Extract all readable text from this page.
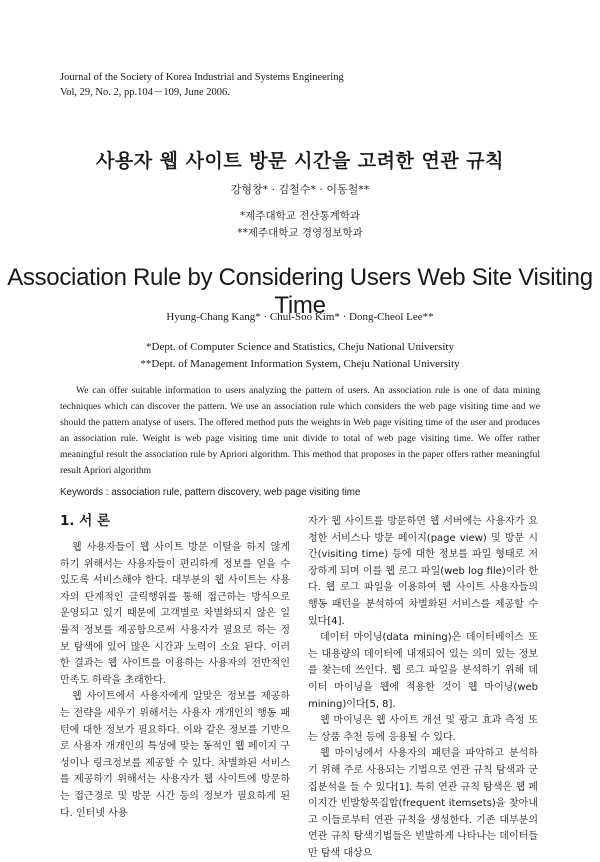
Journal of the Society of Korea Industrial and Systems Engineering
Vol, 29, No. 2, pp.104－109, June 2006.
사용자 웹 사이트 방문 시간을 고려한 연관 규칙
강형창* · 김철수* · 이동철**
*제주대학교 전산통계학과
**제주대학교 경영정보학과
Association Rule by Considering Users Web Site Visiting Time
Hyung-Chang Kang* · Chul-Soo Kim* · Dong-Cheol Lee**
*Dept. of Computer Science and Statistics, Cheju National University
**Dept. of Management Information System, Cheju National University
We can offer suitable information to users analyzing the pattern of users. An association rule is one of data mining techniques which can discover the pattern. We use an association rule which considers the web page visiting time and we should the pattern analyse of users. The offered method puts the weights in Web page visiting time of the user and produces an association rule. Weight is web page visiting time unit divide to total of web page visiting time. We offer rather meaningful result the association rule by Apriori algorithm. This method that proposes in the paper offers rather meaningful result Apriori algorithm
Keywords : association rule, pattern discovery, web page visiting time
1. 서 론

웹 사용자들이 웹 사이트 방문 이탈을 하지 않게 하기 위해서는 사용자들이 편리하게 정보를 얻을 수 있도록 서비스해야 한다. 대부분의 웹 사이트는 사용자의 단계적인 클릭행위를 통해 접근하는 방식으로 운영되고 있기 때문에 고객별로 차별화되지 않은 일률적 정보를 제공함으로써 사용자가 필요로 하는 정보 탐색에 있어 많은 시간과 노력이 소요 된다. 이러한 결과는 웹 사이트를 이용하는 사용자의 전반적인 만족도 하락을 초래한다.

웹 사이트에서 사용자에게 알맞은 정보를 제공하는 전략을 세우기 위해서는 사용자 개개인의 행동 패턴에 대한 정보가 필요하다. 이와 같은 정보를 기반으로 사용자 개개인의 특성에 맞는 동적인 웹 페이지 구성이나 링크정보를 제공할 수 있다. 차별화된 서비스를 제공하기 위해서는 사용자가 웹 사이트에 방문하는 접근경로 및 방문 시간 등의 정보가 필요하게 된다. 인터넷 사용

자가 웹 사이트를 방문하면 웹 서버에는 사용자가 요청한 서비스나 방문 페이지(page view) 및 방문 시간(visiting time) 등에 대한 정보를 파일 형태로 저장하게 되며 이를 웹 로그 파일(web log file)이라 한다. 웹 로그 파일을 이용하여 웹 사이트 사용자들의 행동 패턴을 분석하여 차별화된 서비스를 제공할 수 있다[4].

데이터 마이닝(data mining)은 데이터베이스 또는 대용량의 데이터에 내재되어 있는 의미 있는 정보를 찾는데 쓰인다. 웹 로그 파일을 분석하기 위해 데이터 마이닝을 웹에 적용한 것이 웹 마이닝(web mining)이다[5, 8].

웹 마이닝은 웹 사이트 개선 및 광고 효과 측정 또는 상품 추천 등에 응용될 수 있다.

웹 마이닝에서 사용자의 패턴을 파악하고 분석하기 위해 주로 사용되는 기법으로 연관 규칙 탐색과 군집분석을 들 수 있다[1]. 특히 연관 규칙 탐색은 웹 페이지간 빈발항목집합(frequent itemsets)을 찾아내고 이들로부터 연관 규칙을 생성한다. 기존 대부분의 연관 규칙 탐색기법들은 빈발하게 나타나는 데이터들만 탐색 대상으
